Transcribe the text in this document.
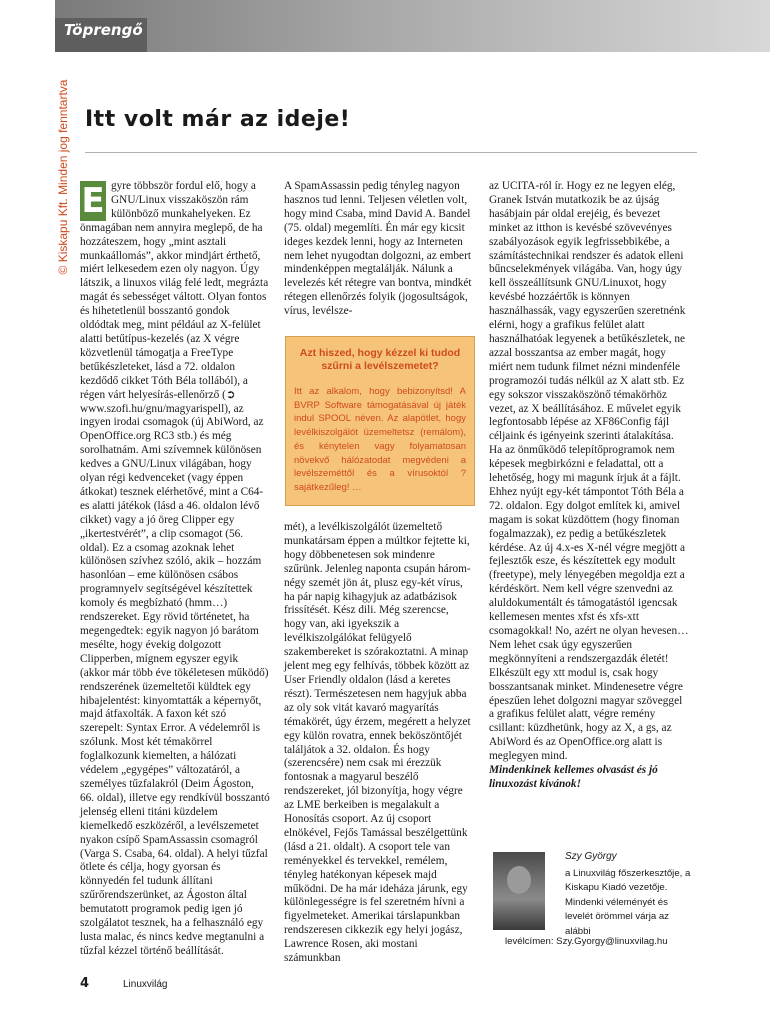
Töprengő
© Kiskapu Kft. Minden jog fenntartva Itt volt már az ideje!
E gyre többször fordul elő, hogy a GNU/Linux visszaköszön rám különböző munkahelyeken. Ez önmagában nem annyira meglepő, de ha hozzáteszem, hogy „mint asztali munkaállomás”, akkor mindjárt érthető, miért lelkesedem ezen oly nagyon. Úgy látszik, a linuxos világ felé ledt, megrázta magát és sebességet váltott. Olyan fontos és hihetetlenül bosszantó gondok oldódtak meg, mint például az X-felület alatti betűtípus-kezelés (az X végre közvetlenül támogatja a FreeType betűkészleteket, lásd a 72. oldalon kezdődő cikket Tóth Béla tollából), a régen várt helyesírás-ellenőrző (➲ www.szofi.hu/gnu/magyarispell), az ingyen irodai csomagok (új AbiWord, az OpenOffice.org RC3 stb.) és még sorolhatnám. Ami szívemnek különösen kedves a GNU/Linux világában, hogy olyan régi kedvenceket (vagy éppen átkokat) tesznek elérhetővé, mint a C64-es alatti játékok (lásd a 46. oldalon lévő cikket) vagy a jó öreg Clipper egy „ikertestvérét”, a clip csomagot (56. oldal). Ez a csomag azoknak lehet különösen szívhez szóló, akik – hozzám hasonlóan – eme különösen csábos programnyelv segítségével készítettek komoly és megbízható (hmm…) rendszereket. Egy rövid történetet, ha megengedtek: egyik nagyon jó barátom mesélte, hogy évekig dolgozott Clipperben, mígnem egyszer egyik (akkor már több éve tökéletesen működő) rendszerének üzemeltetői küldtek egy hibajelentést: kinyomtatták a képernyőt, majd átfaxolták. A faxon két szó szerepelt: Syntax Error. A védelemről is szólunk. Most két témakörrel foglalkozunk kiemelten, a hálózati védelem „egygépes” változatáról, a személyes tűzfalakról (Deim Ágoston, 66. oldal), illetve egy rendkívül bosszantó jelenség elleni titáni küzdelem kiemelkedő eszközéről, a levélszemetet nyakon csípő SpamAssassin csomagról (Varga S. Csaba, 64. oldal). A helyi tűzfal ötlete és célja, hogy gyorsan és könnyedén fel tudunk állítani szűrőrendszerünket, az Ágoston által bemutatott programok pedig igen jó szolgálatot tesznek, ha a felhasználó egy lusta malac, és nincs kedve megtanulni a tűzfal kézzel történő beállítását.

A SpamAssassin pedig tényleg nagyon hasznos tud lenni. Teljesen véletlen volt, hogy mind Csaba, mind David A. Bandel (75. oldal) megemlíti. Én már egy kicsit ideges kezdek lenni, hogy az Interneten nem lehet nyugodtan dolgozni, az embert mindenképpen megtalálják. Nálunk a levelezés két rétegre van bontva, mindkét rétegen ellenőrzés folyik (jogosultságok, vírus, levélsze-

Azt hiszed, hogy kézzel ki tudod szűrni a levélszemetet?
Itt az alkalom, hogy bebizonyítsd! A BVRP Software támogatásával új játék indul SPOOL néven. Az alapötlet, hogy levélkiszolgálót üzemeltetsz (remálom), és kénytelen vagy folyamatosan növekvő hálózatodat megvédeni a levélszeméttől és a vírusoktól ? sajátkezűleg! …

mét), a levélkiszolgálót üzemeltető munkatársam éppen a múltkor fejtette ki, hogy döbbenetesen sok mindenre szűrünk. Jelenleg naponta csupán három-négy szemét jön át, plusz egy-két vírus, ha pár napig kihagyjuk az adatbázisok frissítését. Kész dili. Még szerencse, hogy van, aki igyekszik a levélkiszolgálókat felügyelő szakembereket is szórakoztatni. A minap jelent meg egy felhívás, többek között az User Friendly oldalon (lásd a keretes részt). Természetesen nem hagyjuk abba az oly sok vitát kavaró magyarítás témakörét, úgy érzem, megérett a helyzet egy külön rovatra, ennek beköszöntőjét találjátok a 32. oldalon. És hogy (szerencsére) nem csak mi érezzük fontosnak a magyarul beszélő rendszereket, jól bizonyítja, hogy végre az LME berkeiben is megalakult a Honosítás csoport. Az új csoport elnökével, Fejős Tamással beszélgettünk (lásd a 21. oldalt). A csoport tele van reményekkel és tervekkel, remélem, tényleg hatékonyan képesek majd működni. De ha már ideháza járunk, egy különlegességre is fel szeretném hívni a figyelmeteket. Amerikai társlapunkban rendszeresen cikkezik egy helyi jogász, Lawrence Rosen, aki mostani számunkban

az UCITA-ról ír. Hogy ez ne legyen elég, Granek István mutatkozik be az újság hasábjain pár oldal erejéig, és bevezet minket az itthon is kevésbé szövevényes szabályozások egyik legfrissebbikébe, a számítástechnikai rendszer és adatok elleni bűncselekmények világába. Van, hogy úgy kell összeállítsunk GNU/Linuxot, hogy kevésbé hozzáértők is könnyen használhassák, vagy egyszerűen szeretnénk elérni, hogy a grafikus felület alatt használhatóak legyenek a betűkészletek, ne azzal bosszantsa az ember magát, hogy miért nem tudunk filmet nézni mindenféle programozói tudás nélkül az X alatt stb. Ez egy sokszor visszaköszönő témakörhöz vezet, az X beállításához. E művelet egyik legfontosabb lépése az XF86Config fájl céljaink és igényeink szerinti átalakítása. Ha az önműködő telepítőprogramok nem képesek megbirkózni e feladattal, ott a lehetőség, hogy mi magunk írjuk át a fájlt. Ehhez nyújt egy-két támpontot Tóth Béla a 72. oldalon. Egy dolgot említek ki, amivel magam is sokat küzdöttem (hogy finoman fogalmazzak), ez pedig a betűkészletek kérdése. Az új 4.x-es X-nél végre megjött a fejlesztők esze, és készítettek egy modult (freetype), mely lényegében megoldja ezt a kérdéskört. Nem kell végre szenvedni az aluldokumentált és támogatástól igencsak kellemesen mentes xfst és xfs-xtt csomagokkal! No, azért ne olyan hevesen… Nem lehet csak úgy egyszerűen megkönnyíteni a rendszergazdák életét! Elkészült egy xtt modul is, csak hogy bosszantsanak minket. Mindenesetre végre épeszűen lehet dolgozni magyar szöveggel a grafikus felület alatt, végre remény csillant: küzdhetünk, hogy az X, a gs, az AbiWord és az OpenOffice.org alatt is meglegyen mind.

Mindenkinek kellemes olvasást és jó linuxozást kívánok!

Szy György
a Linuxvilág főszerkesztője, a Kiskapu Kiadó vezetője. Mindenki véleményét és levelét örömmel várja az alábbi
levélcímen: Szy.Gyorgy@linuxvilag.hu
4	Linuxvilág
